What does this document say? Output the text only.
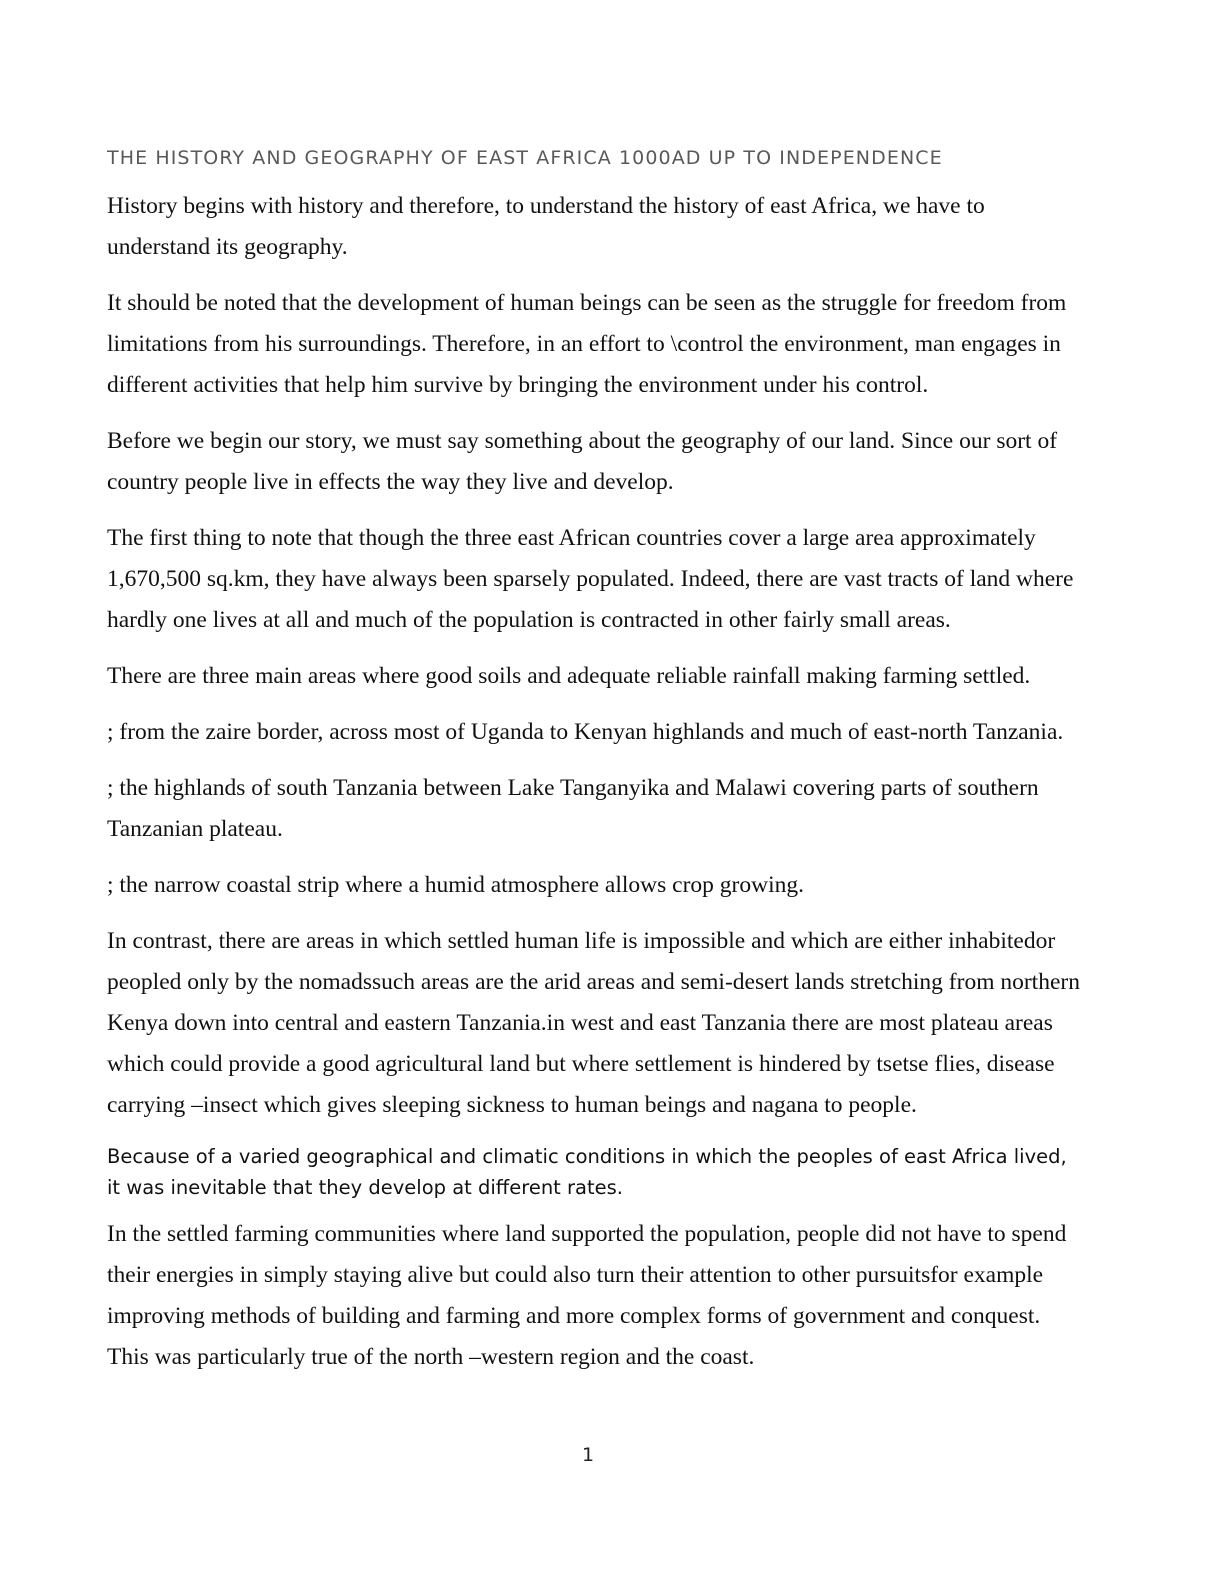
THE HISTORY AND GEOGRAPHY OF EAST AFRICA 1000AD UP TO INDEPENDENCE

History begins with history and therefore, to understand the history of east Africa, we have to understand its geography.

It should be noted that the development of human beings can be seen as the struggle for freedom from limitations from his surroundings. Therefore, in an effort to \control the environment, man engages in different activities that help him survive by bringing the environment under his control.

Before we begin our story, we must say something about the geography of our land. Since our sort of country people live in effects the way they live and develop.

The first thing to note that though the three east African countries cover a large area approximately 1,670,500 sq.km, they have always been sparsely populated. Indeed, there are vast tracts of land where hardly one lives at all and much of the population is contracted in other fairly small areas.

There are three main areas where good soils and adequate reliable rainfall making farming settled.

; from the zaire border, across most of Uganda to Kenyan highlands and much of east-north Tanzania.

; the highlands of south Tanzania between Lake Tanganyika and Malawi covering parts of southern Tanzanian plateau.

; the narrow coastal strip where a humid atmosphere allows crop growing.

In contrast, there are areas in which settled human life is impossible and which are either inhabitedor peopled only by the nomadssuch areas are the arid areas and semi-desert lands stretching from northern Kenya down into central and eastern Tanzania.in west and east Tanzania there are most plateau areas which could provide a good agricultural land but where settlement is hindered by tsetse flies, disease carrying –insect which gives sleeping sickness to human beings and nagana to people.

Because of a varied geographical and climatic conditions in which the peoples of east Africa lived, it was inevitable that they develop at different rates.

In the settled farming communities where land supported the population, people did not have to spend their energies in simply staying alive but could also turn their attention to other pursuitsfor example improving methods of building and farming and more complex forms of government and conquest. This was particularly true of the north –western region and the coast.

1
